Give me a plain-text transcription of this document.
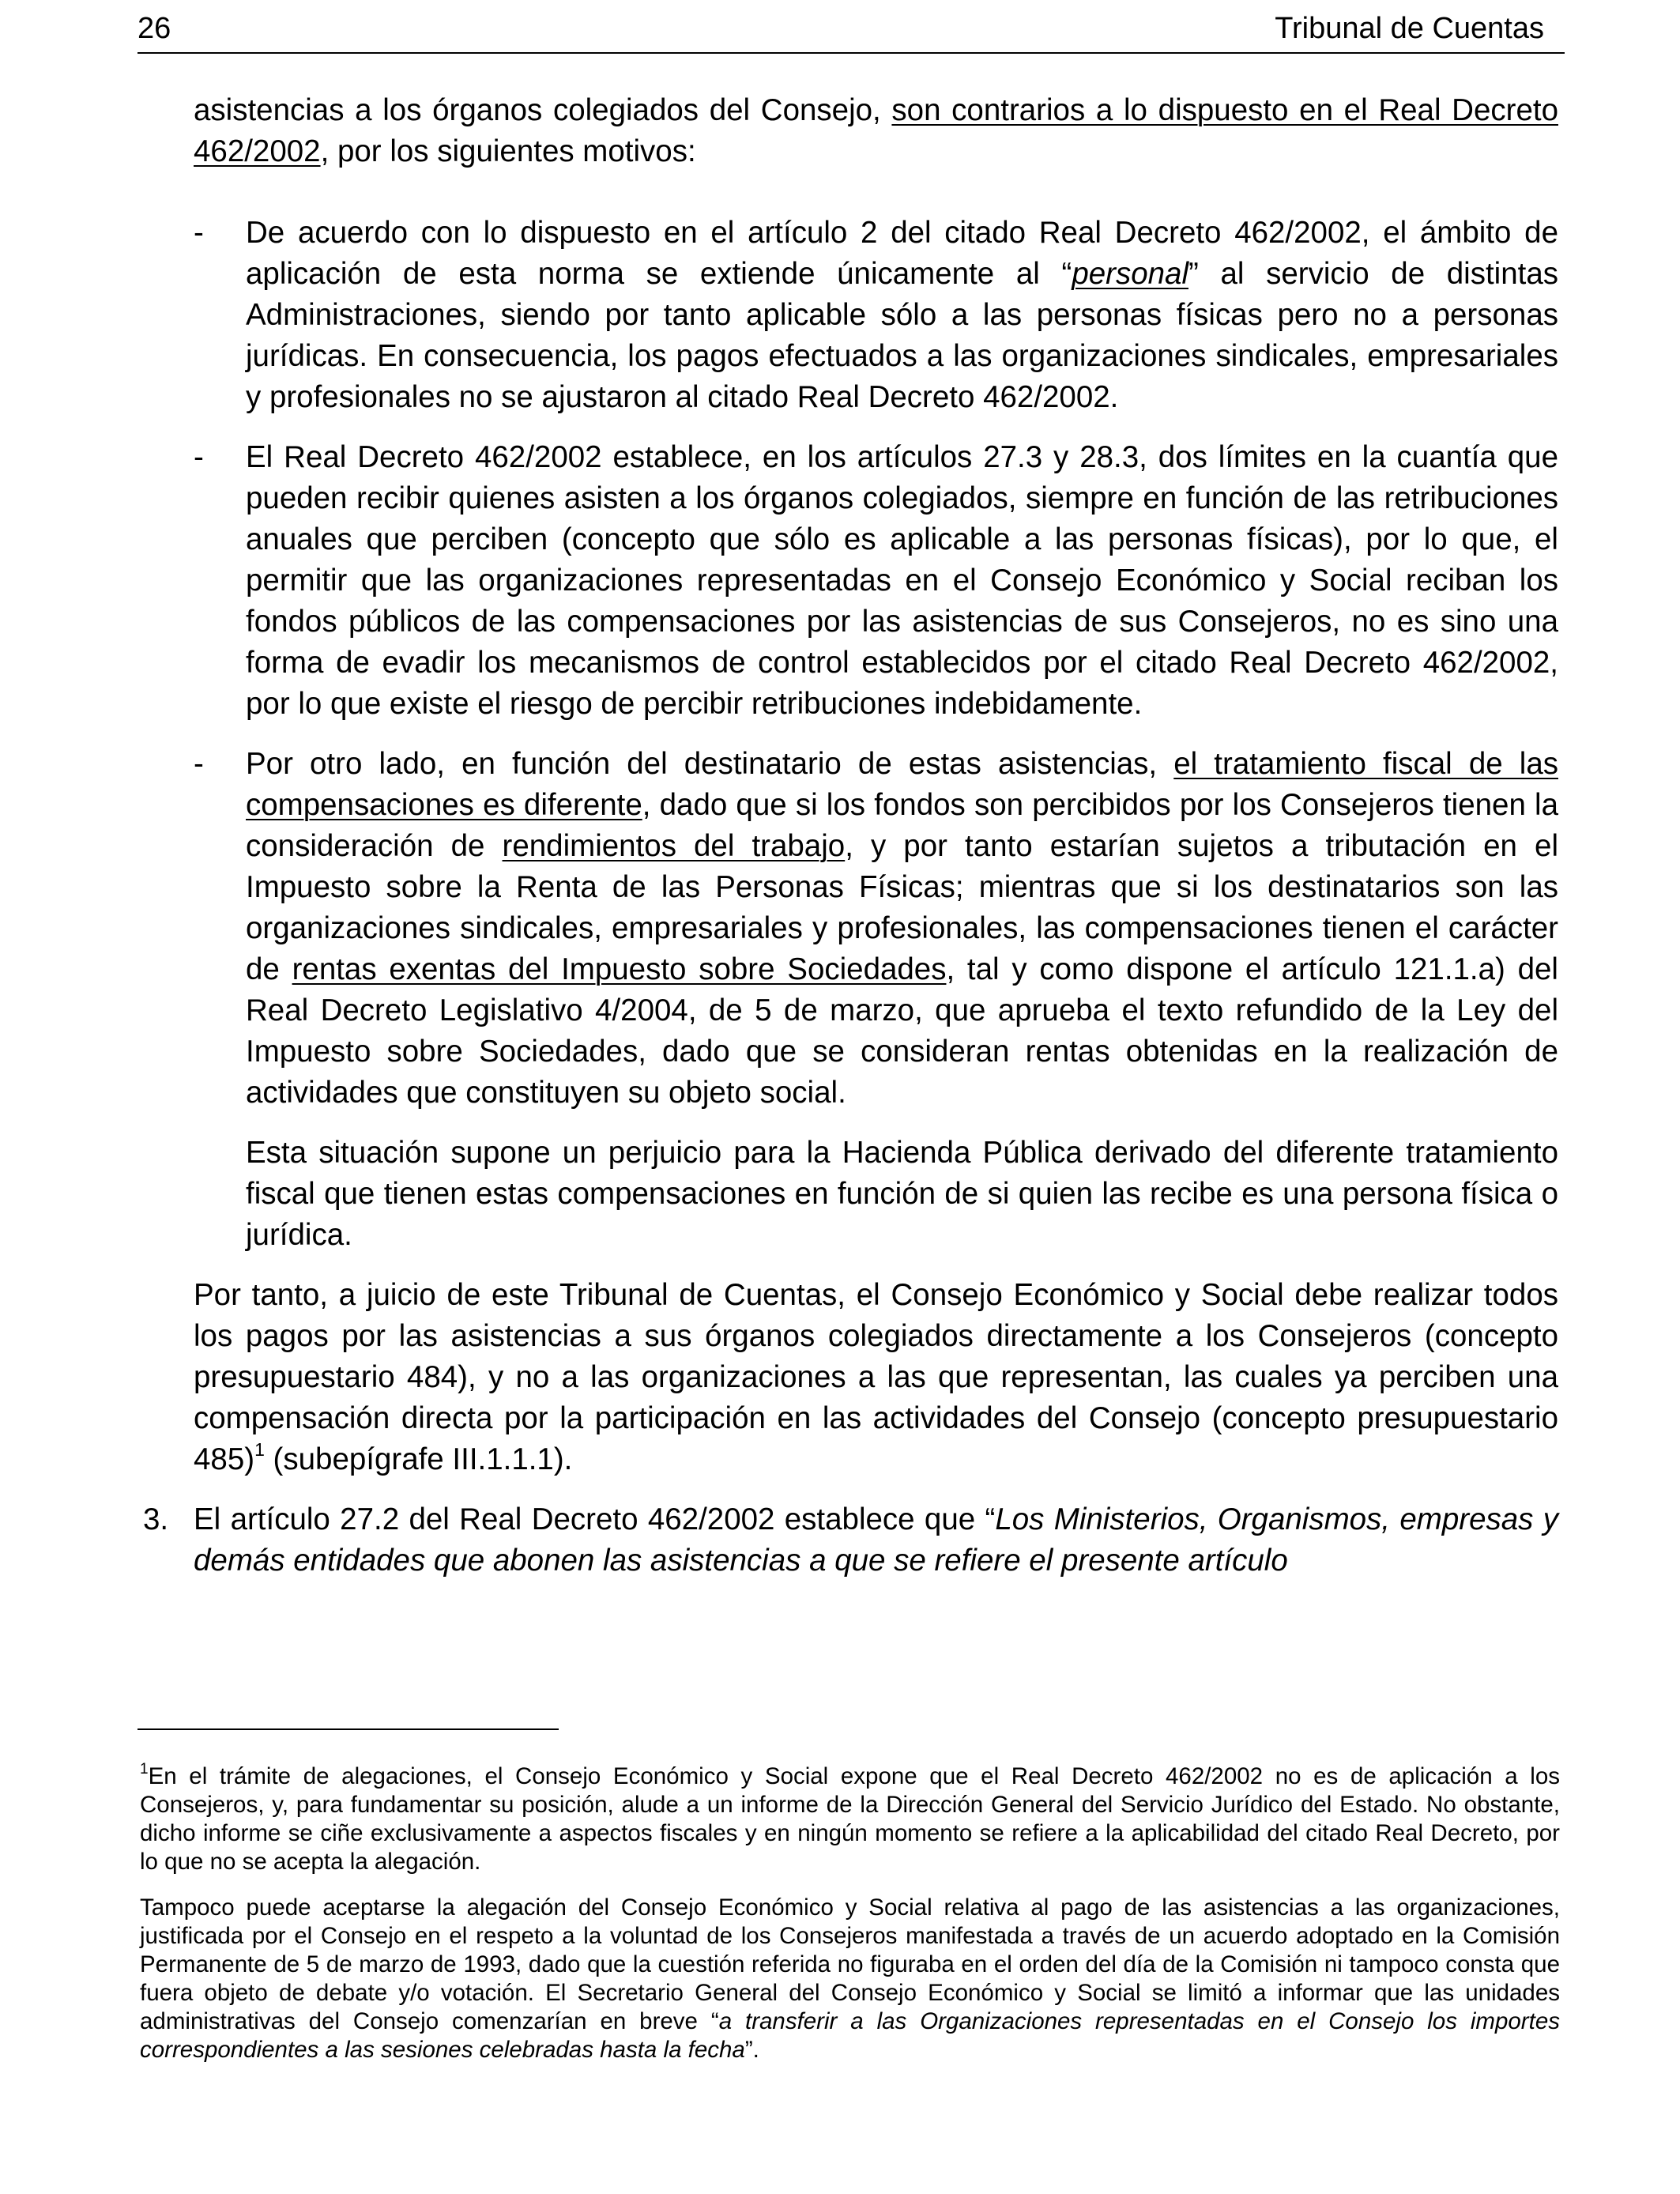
26	Tribunal de Cuentas

asistencias a los órganos colegiados del Consejo, son contrarios a lo dispuesto en el Real Decreto 462/2002, por los siguientes motivos:

- De acuerdo con lo dispuesto en el artículo 2 del citado Real Decreto 462/2002, el ámbito de aplicación de esta norma se extiende únicamente al “personal” al servicio de distintas Administraciones, siendo por tanto aplicable sólo a las personas físicas pero no a personas jurídicas. En consecuencia, los pagos efectuados a las organizaciones sindicales, empresariales y profesionales no se ajustaron al citado Real Decreto 462/2002.

- El Real Decreto 462/2002 establece, en los artículos 27.3 y 28.3, dos límites en la cuantía que pueden recibir quienes asisten a los órganos colegiados, siempre en función de las retribuciones anuales que perciben (concepto que sólo es aplicable a las personas físicas), por lo que, el permitir que las organizaciones representadas en el Consejo Económico y Social reciban los fondos públicos de las compensaciones por las asistencias de sus Consejeros, no es sino una forma de evadir los mecanismos de control establecidos por el citado Real Decreto 462/2002, por lo que existe el riesgo de percibir retribuciones indebidamente.

- Por otro lado, en función del destinatario de estas asistencias, el tratamiento fiscal de las compensaciones es diferente, dado que si los fondos son percibidos por los Consejeros tienen la consideración de rendimientos del trabajo, y por tanto estarían sujetos a tributación en el Impuesto sobre la Renta de las Personas Físicas; mientras que si los destinatarios son las organizaciones sindicales, empresariales y profesionales, las compensaciones tienen el carácter de rentas exentas del Impuesto sobre Sociedades, tal y como dispone el artículo 121.1.a) del Real Decreto Legislativo 4/2004, de 5 de marzo, que aprueba el texto refundido de la Ley del Impuesto sobre Sociedades, dado que se consideran rentas obtenidas en la realización de actividades que constituyen su objeto social.

Esta situación supone un perjuicio para la Hacienda Pública derivado del diferente tratamiento fiscal que tienen estas compensaciones en función de si quien las recibe es una persona física o jurídica.

Por tanto, a juicio de este Tribunal de Cuentas, el Consejo Económico y Social debe realizar todos los pagos por las asistencias a sus órganos colegiados directamente a los Consejeros (concepto presupuestario 484), y no a las organizaciones a las que representan, las cuales ya perciben una compensación directa por la participación en las actividades del Consejo (concepto presupuestario 485)$^1$ (subepígrafe III.1.1.1).

3. El artículo 27.2 del Real Decreto 462/2002 establece que “Los Ministerios, Organismos, empresas y demás entidades que abonen las asistencias a que se refiere el presente artículo

$^1$En el trámite de alegaciones, el Consejo Económico y Social expone que el Real Decreto 462/2002 no es de aplicación a los Consejeros, y, para fundamentar su posición, alude a un informe de la Dirección General del Servicio Jurídico del Estado. No obstante, dicho informe se ciñe exclusivamente a aspectos fiscales y en ningún momento se refiere a la aplicabilidad del citado Real Decreto, por lo que no se acepta la alegación.

Tampoco puede aceptarse la alegación del Consejo Económico y Social relativa al pago de las asistencias a las organizaciones, justificada por el Consejo en el respeto a la voluntad de los Consejeros manifestada a través de un acuerdo adoptado en la Comisión Permanente de 5 de marzo de 1993, dado que la cuestión referida no figuraba en el orden del día de la Comisión ni tampoco consta que fuera objeto de debate y/o votación. El Secretario General del Consejo Económico y Social se limitó a informar que las unidades administrativas del Consejo comenzarían en breve “a transferir a las Organizaciones representadas en el Consejo los importes correspondientes a las sesiones celebradas hasta la fecha”.
